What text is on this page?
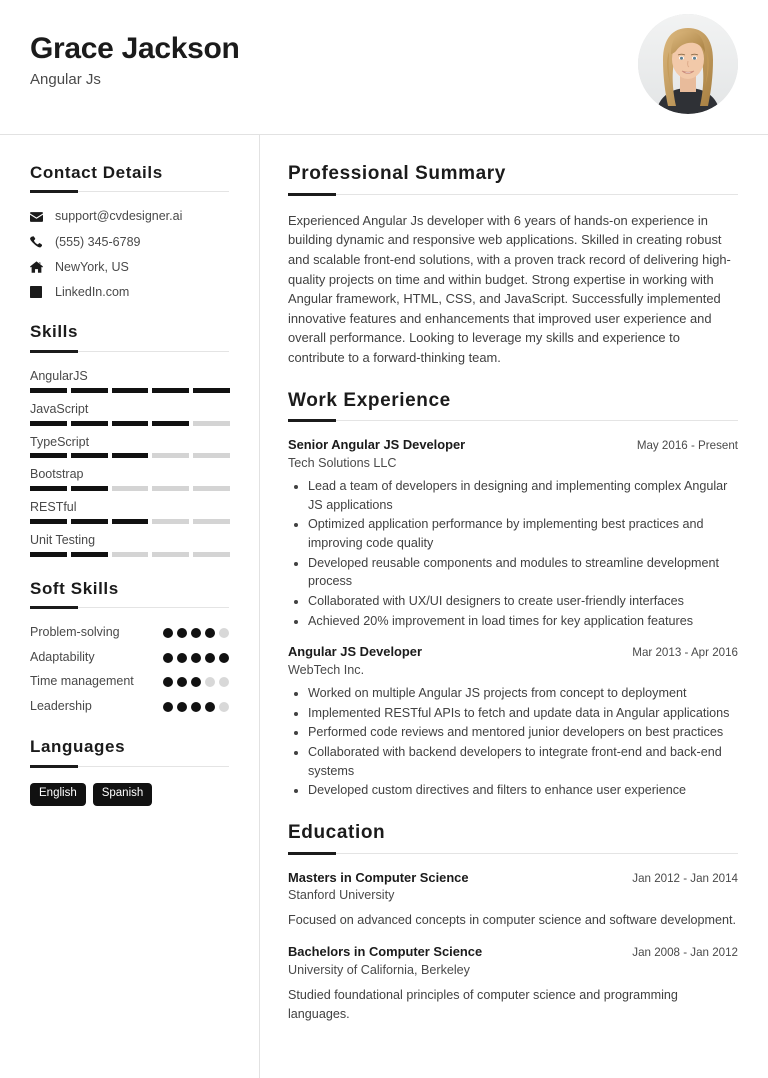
Grace Jackson

Angular Js

Contact Details
support@cvdesigner.ai
(555) 345-6789
NewYork, US
LinkedIn.com
Skills
AngularJS
JavaScript
TypeScript
Bootstrap
RESTful
Unit Testing
Soft Skills
Problem-solving
Adaptability
Time management
Leadership
Languages
English	Spanish
Professional Summary

Experienced Angular Js developer with 6 years of hands-on experience in building dynamic and responsive web applications. Skilled in creating robust and scalable front-end solutions, with a proven track record of delivering high-quality projects on time and within budget. Strong expertise in working with Angular framework, HTML, CSS, and JavaScript. Successfully implemented innovative features and enhancements that improved user experience and overall performance. Looking to leverage my skills and experience to contribute to a forward-thinking team.

Work Experience
Senior Angular JS Developer	May 2016 - Present
Tech Solutions LLC
• Lead a team of developers in designing and implementing complex Angular JS applications
• Optimized application performance by implementing best practices and improving code quality
• Developed reusable components and modules to streamline development process
• Collaborated with UX/UI designers to create user-friendly interfaces
• Achieved 20% improvement in load times for key application features
Angular JS Developer	Mar 2013 - Apr 2016
WebTech Inc.
• Worked on multiple Angular JS projects from concept to deployment
• Implemented RESTful APIs to fetch and update data in Angular applications
• Performed code reviews and mentored junior developers on best practices
• Collaborated with backend developers to integrate front-end and back-end systems
• Developed custom directives and filters to enhance user experience
Education
Masters in Computer Science	Jan 2012 - Jan 2014
Stanford University

Focused on advanced concepts in computer science and software development.

Bachelors in Computer Science	Jan 2008 - Jan 2012
University of California, Berkeley

Studied foundational principles of computer science and programming languages.
